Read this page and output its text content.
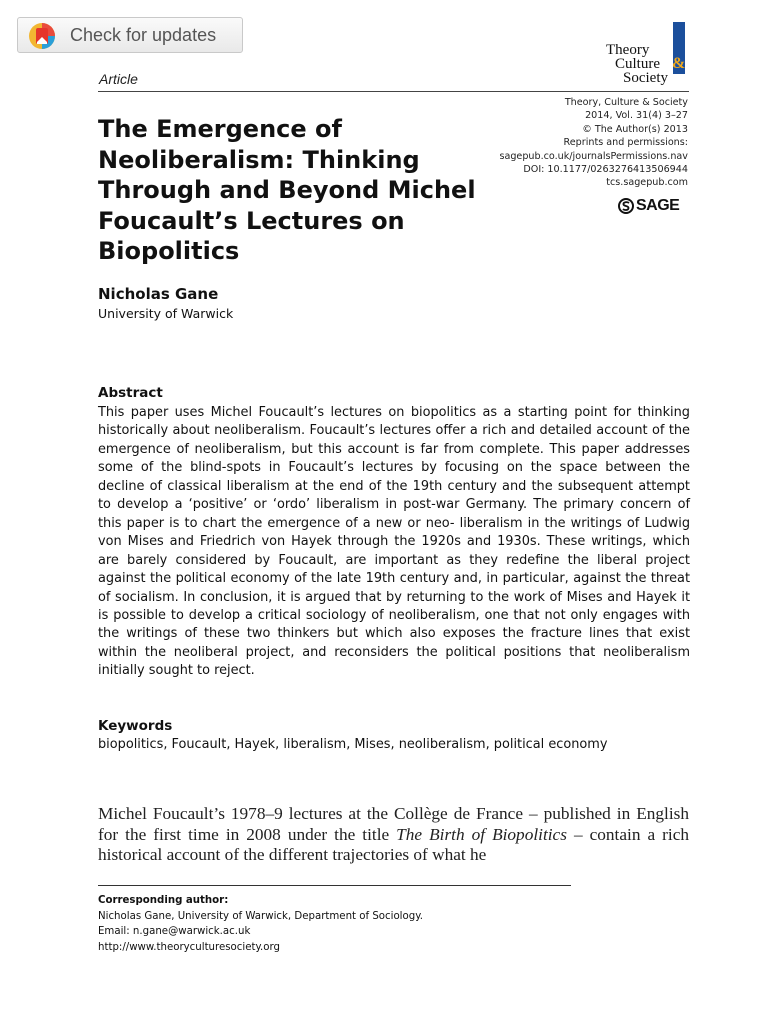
Check for updates
Theory
Culture &
Society
Article
The Emergence of Neoliberalism: Thinking Through and Beyond Michel Foucault’s Lectures on Biopolitics
Theory, Culture & Society
2014, Vol. 31(4) 3–27
© The Author(s) 2013
Reprints and permissions:
sagepub.co.uk/journalsPermissions.nav
DOI: 10.1177/0263276413506944
tcs.sagepub.com
SAGE
Nicholas Gane
University of Warwick
Abstract
This paper uses Michel Foucault’s lectures on biopolitics as a starting point for thinking historically about neoliberalism. Foucault’s lectures offer a rich and detailed account of the emergence of neoliberalism, but this account is far from complete. This paper addresses some of the blind-spots in Foucault’s lectures by focusing on the space between the decline of classical liberalism at the end of the 19th century and the subsequent attempt to develop a ‘positive’ or ‘ordo’ liberalism in post-war Germany. The primary concern of this paper is to chart the emergence of a new or neo- liberalism in the writings of Ludwig von Mises and Friedrich von Hayek through the 1920s and 1930s. These writings, which are barely considered by Foucault, are important as they redefine the liberal project against the political economy of the late 19th century and, in particular, against the threat of socialism. In conclusion, it is argued that by returning to the work of Mises and Hayek it is possible to develop a critical sociology of neoliberalism, one that not only engages with the writings of these two thinkers but which also exposes the fracture lines that exist within the neoliberal project, and reconsiders the political positions that neoliberalism initially sought to reject.
Keywords
biopolitics, Foucault, Hayek, liberalism, Mises, neoliberalism, political economy
Michel Foucault’s 1978–9 lectures at the Collège de France – published in English for the first time in 2008 under the title The Birth of Biopolitics – contain a rich historical account of the different trajectories of what he
Corresponding author:
Nicholas Gane, University of Warwick, Department of Sociology.
Email: n.gane@warwick.ac.uk
http://www.theoryculturesociety.org
